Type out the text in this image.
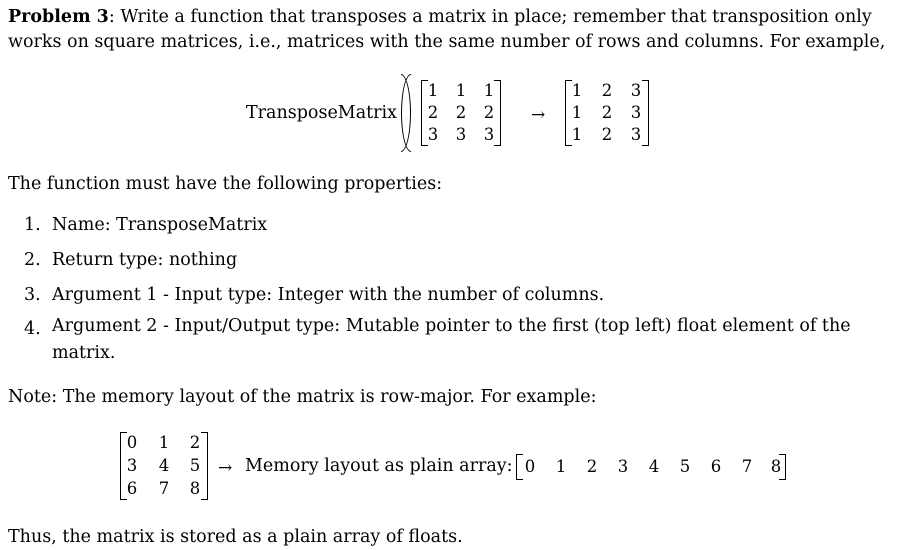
Problem 3: Write a function that transposes a matrix in place; remember that transposition only works on square matrices, i.e., matrices with the same number of rows and columns. For example,
TransposeMatrix
1 1 1
2 2 2
3 3 3
→
1 2 3
1 2 3
1 2 3
The function must have the following properties:
1. Name: TransposeMatrix
2. Return type: nothing
3. Argument 1 - Input type: Integer with the number of columns.
4. Argument 2 - Input/Output type: Mutable pointer to the first (top left) float element of the matrix.
Note: The memory layout of the matrix is row-major. For example:
0 1 2
3 4 5
6 7 8
→ Memory layout as plain array: 0 1 2 3 4 5 6 7 8
Thus, the matrix is stored as a plain array of floats.
